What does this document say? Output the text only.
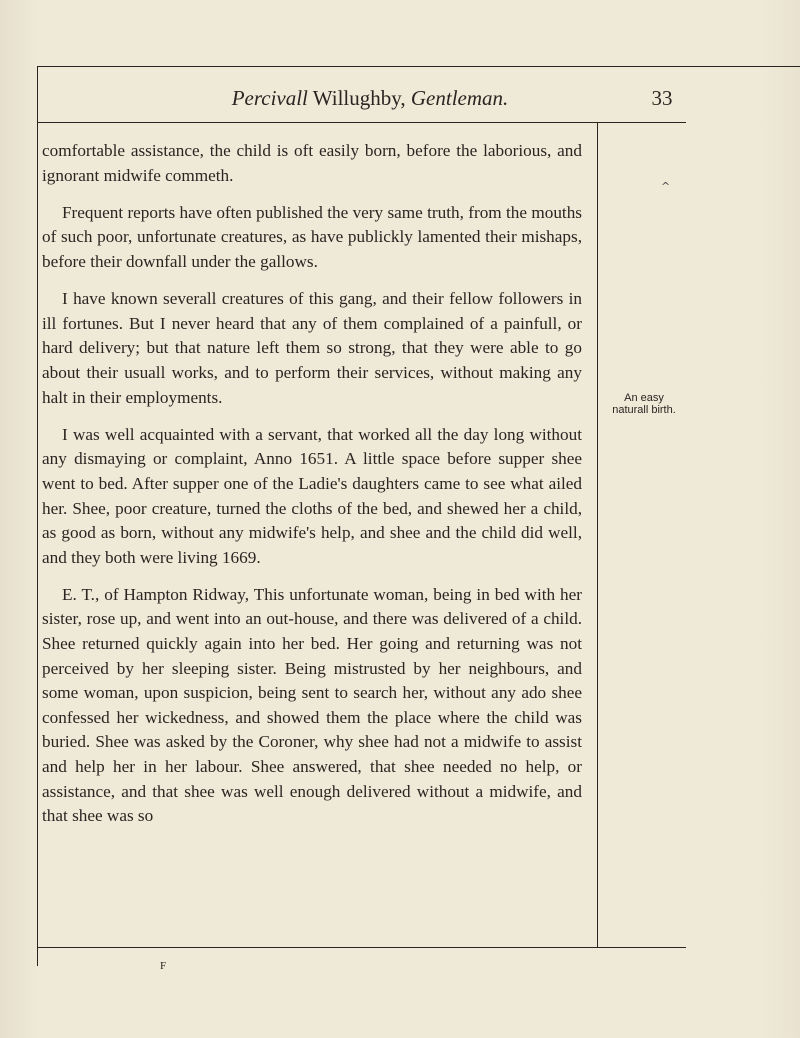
Percivall Willughby, Gentleman.	33

comfortable assistance, the child is oft easily born, before the laborious, and ignorant midwife commeth.

Frequent reports have often published the very same truth, from the mouths of such poor, unfortunate creatures, as have publickly lamented their mishaps, before their downfall under the gallows.

I have known severall creatures of this gang, and their fellow followers in ill fortunes. But I never heard that any of them complained of a painfull, or hard delivery; but that nature left them so strong, that they were able to go about their usuall works, and to perform their services, without making any halt in their employments.

I was well acquainted with a servant, that worked all the day long without any dismaying or complaint, Anno 1651. A little space before supper shee went to bed. After supper one of the Ladie's daughters came to see what ailed her. Shee, poor creature, turned the cloths of the bed, and shewed her a child, as good as born, without any midwife's help, and shee and the child did well, and they both were living 1669.

E. T., of Hampton Ridway, This unfortunate woman, being in bed with her sister, rose up, and went into an out-house, and there was delivered of a child. Shee returned quickly again into her bed. Her going and returning was not perceived by her sleeping sister. Being mistrusted by her neighbours, and some woman, upon suspicion, being sent to search her, without any ado shee confessed her wickedness, and showed them the place where the child was buried. Shee was asked by the Coroner, why shee had not a midwife to assist and help her in her labour. Shee answered, that shee needed no help, or assistance, and that shee was well enough delivered without a midwife, and that shee was so

An easy
naturall birth.
F
^
